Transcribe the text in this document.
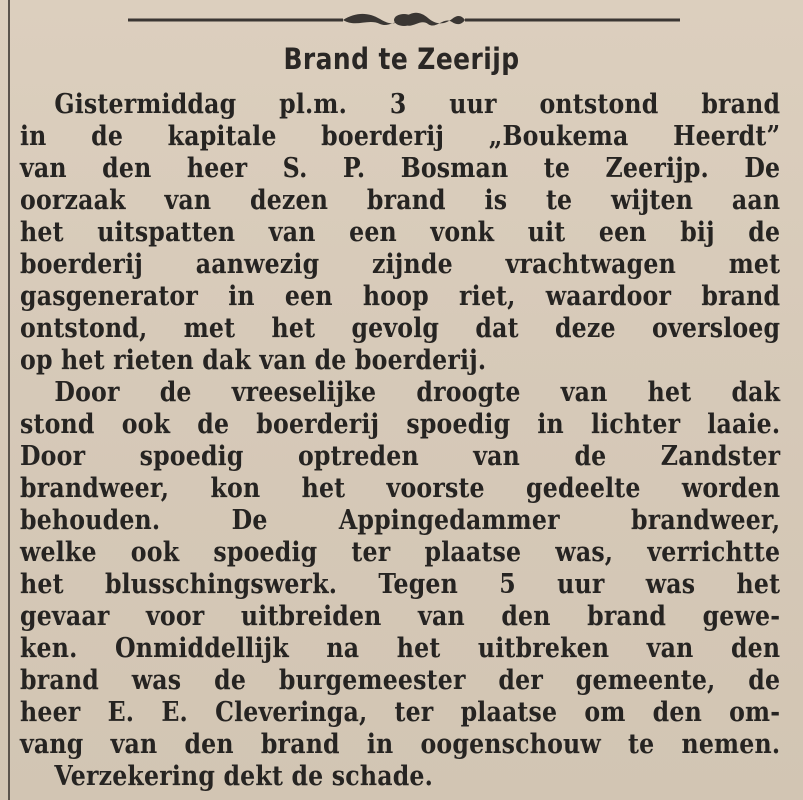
Brand te Zeerijp
Gistermiddag pl.m. 3 uur ontstond brand
in de kapitale boerderij „Boukema Heerdt”
van den heer S. P. Bosman te Zeerijp. De
oorzaak van dezen brand is te wijten aan
het uitspatten van een vonk uit een bij de
boerderij aanwezig zijnde vrachtwagen met
gasgenerator in een hoop riet, waardoor brand
ontstond, met het gevolg dat deze oversloeg
op het rieten dak van de boerderij.
Door de vreeselijke droogte van het dak
stond ook de boerderij spoedig in lichter laaie.
Door spoedig optreden van de Zandster
brandweer, kon het voorste gedeelte worden
behouden. De Appingedammer brandweer,
welke ook spoedig ter plaatse was, verrichtte
het blusschingswerk. Tegen 5 uur was het
gevaar voor uitbreiden van den brand gewe-
ken. Onmiddellijk na het uitbreken van den
brand was de burgemeester der gemeente, de
heer E. E. Cleveringa, ter plaatse om den om-
vang van den brand in oogenschouw te nemen.
Verzekering dekt de schade.
